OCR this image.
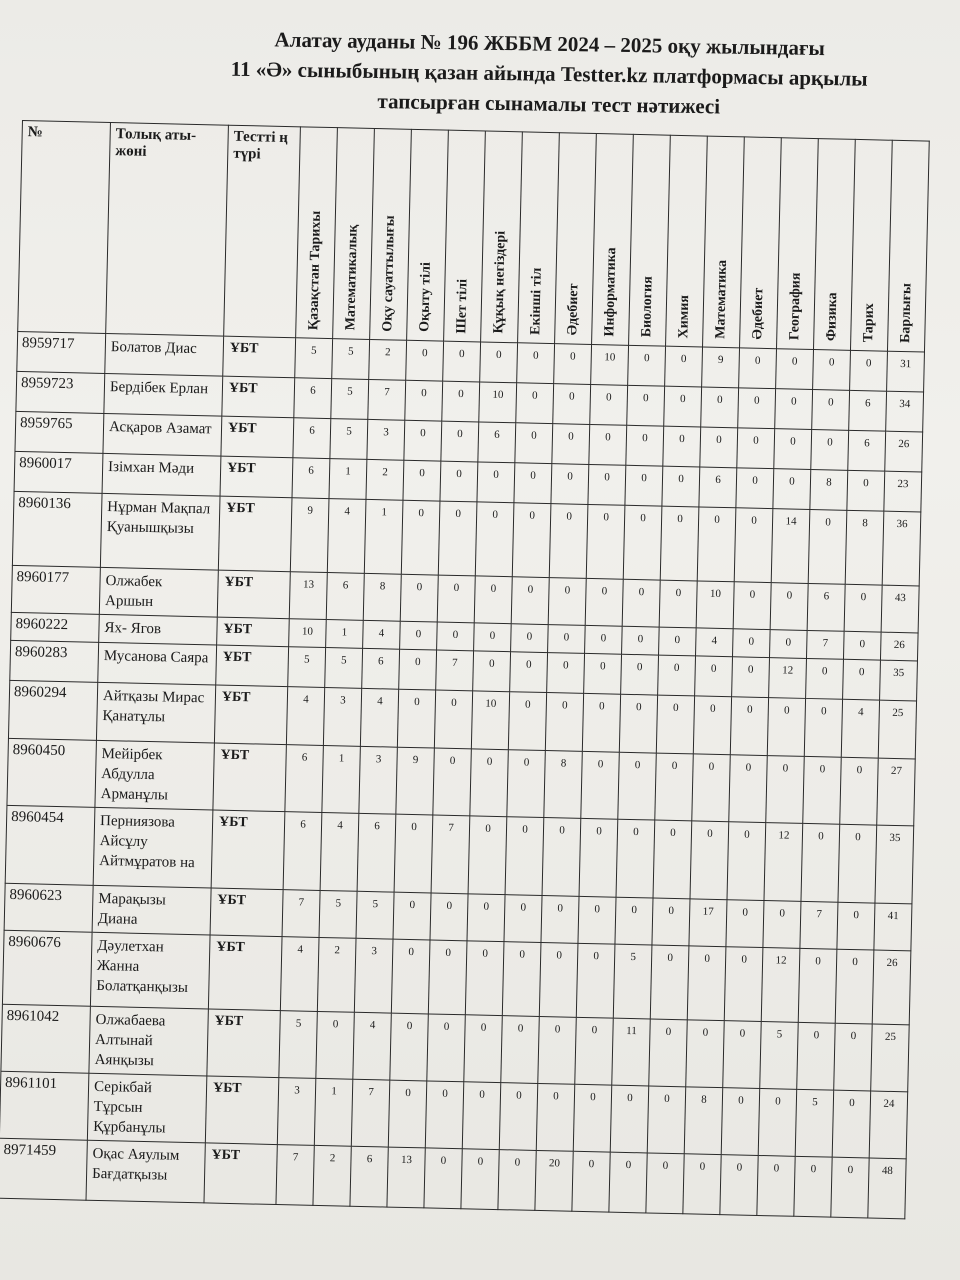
Алатау ауданы № 196 ЖББМ 2024 – 2025 оқу жылындағы
11 «Ә» сыныбының қазан айында Testter.kz платформасы арқылы
тапсырған сынамалы тест нәтижесі
№	Толық аты-жөні	Тестті ң түрі	Қазақстан Тарихы	Математикалық	Оқу сауаттылығы	Оқыту тілі	Шет тілі	Құқық негіздері	Екінші тіл	Әдебиет	Информатика	Биология	Химия	Математика	Әдебиет	География	Физика	Тарих	Барлығы

8959717	Болатов Диас	ҰБТ	5	5	2	0	0	0	0	0	10	0	0	9	0	0	0	0	31
8959723	Бердібек Ерлан	ҰБТ	6	5	7	0	0	10	0	0	0	0	0	0	0	0	0	6	34
8959765	Асқаров Азамат	ҰБТ	6	5	3	0	0	6	0	0	0	0	0	0	0	0	0	6	26
8960017	Ізімхан Мәди	ҰБТ	6	1	2	0	0	0	0	0	0	0	0	6	0	0	8	0	23
8960136	Нұрман Мақпал Қуанышқызы	ҰБТ	9	4	1	0	0	0	0	0	0	0	0	0	0	14	0	8	36
8960177	Олжабек Аршын	ҰБТ	13	6	8	0	0	0	0	0	0	0	0	10	0	0	6	0	43
8960222	Ях- Ягов	ҰБТ	10	1	4	0	0	0	0	0	0	0	0	4	0	0	7	0	26
8960283	Мусанова Саяра	ҰБТ	5	5	6	0	7	0	0	0	0	0	0	0	0	12	0	0	35
8960294	Айтқазы Мирас Қанатұлы	ҰБТ	4	3	4	0	0	10	0	0	0	0	0	0	0	0	0	4	25
8960450	Мейірбек Абдулла Арманұлы	ҰБТ	6	1	3	9	0	0	0	8	0	0	0	0	0	0	0	0	27
8960454	Перниязова Айсұлу Айтмұратов на	ҰБТ	6	4	6	0	7	0	0	0	0	0	0	0	0	12	0	0	35
8960623	Марақызы Диана	ҰБТ	7	5	5	0	0	0	0	0	0	0	0	17	0	0	7	0	41
8960676	Дәулетхан Жанна Болатқанқызы	ҰБТ	4	2	3	0	0	0	0	0	0	5	0	0	0	12	0	0	26
8961042	Олжабаева Алтынай Аянқызы	ҰБТ	5	0	4	0	0	0	0	0	0	11	0	0	0	5	0	0	25
8961101	Серікбай Тұрсын Құрбанұлы	ҰБТ	3	1	7	0	0	0	0	0	0	0	0	8	0	0	5	0	24
8971459	Оқас Аяулым Бағдатқызы	ҰБТ	7	2	6	13	0	0	0	20	0	0	0	0	0	0	0	0	48
